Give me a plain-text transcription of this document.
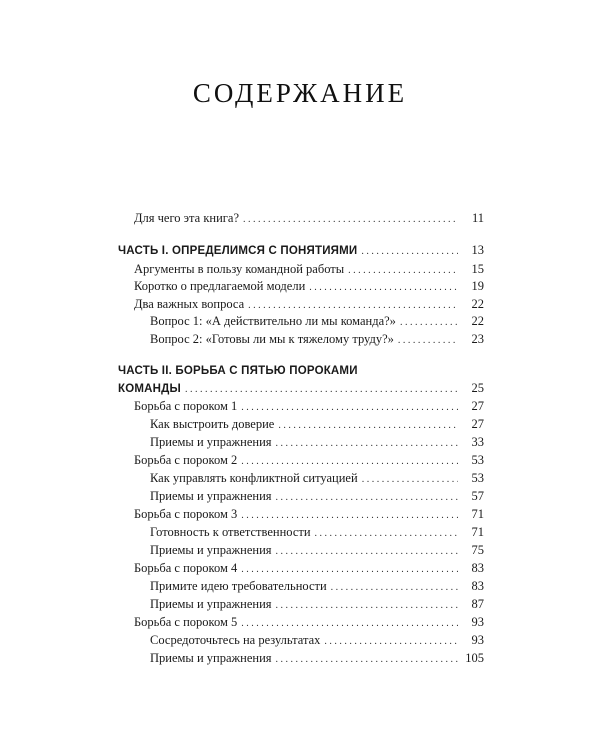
СОДЕРЖАНИЕ
Для чего эта книга? . . .	11
ЧАСТЬ I. ОПРЕДЕЛИМСЯ С ПОНЯТИЯМИ . . .	13
Аргументы в пользу командной работы . . .	15
Коротко о предлагаемой модели . . .	19
Два важных вопроса . . .	22
Вопрос 1: «А действительно ли мы команда?» . . .	22
Вопрос 2: «Готовы ли мы к тяжелому труду?» . . .	23
ЧАСТЬ II. БОРЬБА С ПЯТЬЮ ПОРОКАМИ
КОМАНДЫ . . .	25
Борьба с пороком 1 . . .	27
Как выстроить доверие . . .	27
Приемы и упражнения . . .	33
Борьба с пороком 2 . . .	53
Как управлять конфликтной ситуацией . . .	53
Приемы и упражнения . . .	57
Борьба с пороком 3 . . .	71
Готовность к ответственности . . .	71
Приемы и упражнения . . .	75
Борьба с пороком 4 . . .	83
Примите идею требовательности . . .	83
Приемы и упражнения . . .	87
Борьба с пороком 5 . . .	93
Сосредоточьтесь на результатах . . .	93
Приемы и упражнения . . .	105
